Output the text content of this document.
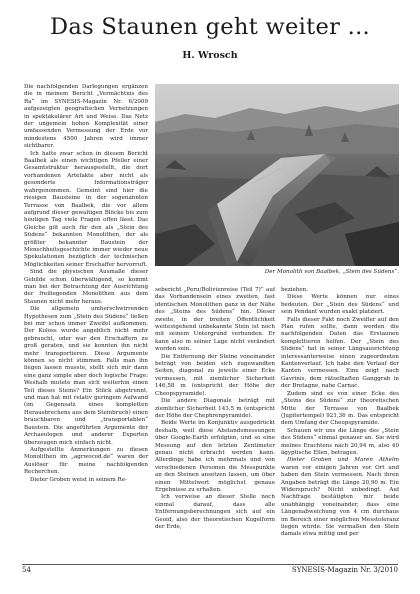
Das Staunen geht weiter ...
H. Wrosch

Die nachfolgenden Darlegungen ergänzen die in meinem Bericht „Vermächtnis des Ra“ im SYNESIS-Magazin Nr. 6/2009 aufgezeigten geografischen Vernetzungen in spektakulärer Art und Weise. Das Netz der ungemein hohen Komplexität einer umfassenden Vermessung der Erde vor mindestens 4500 Jahren wird immer sichtbarer.

Ich hatte zwar schon in diesem Bericht Baalbek als einen wichtigen Pfeiler einer Gesamtstruktur herausgestellt, die dort vorhandenen Artefakte aber nicht als gesonderte Informationsträger wahrgenommen. Gemeint sind hier die riesigen Bausteine in der sogenannten Terrasse von Baalbek, die vor allem aufgrund dieser gewaltigen Blöcke bis zum heutigen Tag viele Fragen offen lässt. Das Gleiche gilt auch für den als „Stein des Südens“ bekannten Monolithen, der als größter bekannter Baustein der Menschheitsgeschichte immer wieder neue Spekulationen bezüglich der technischen Möglichkeiten seiner Erschaffer hervorruft.

Sind die physischen Ausmaße dieser Gebilde schon überwältigend, so kommt man bei der Betrachtung der Ausrichtung der freiliegenden Monolithen aus dem Staunen nicht mehr heraus.

Die allgemein umherschwirrenden Hypothesen zum „Stein des Südens“ ließen bei mir schon immer Zweifel aufkommen. Der Koloss wurde angeblich nicht mehr gebraucht, oder war den Erschaffern zu groß geraten, und sie konnten ihn nicht mehr transportieren. Diese Argumente können so nicht stimmen. Falls man ihn liegen lassen musste, stellt sich mir dann eine ganz simple aber doch logische Frage: Weshalb mutete man sich weiterhin einen Teil dieses Steins? Ein Stück abgetrennt, und man hat mit relativ geringem Aufwand (im Gegensatz eines kompletten Herausbrechens aus dem Steinbruch) einen brauchbaren und „transportablen“ Baustein. Die angeführten Argumente der Archaeologen und anderer Experten überzeugen mich einfach nicht.

Aufgestellte Anmerkungen zu diesen Monolithen im „agrwocod.de“ waren der Auslöser für meine nachfolgenden Recherchen.

Dieter Groben weist in seinem Re-

Der Monolith von Baalbek, „Stein des Südens“.

sebericht „Peru/Bolivienreise (Teil 7)“ auf das Vorhandensein eines zweiten, fast identischen Monolithen ganz in der Nähe des „Steins des Südens“ hin. Dieser zweite, in der breiten Öffentlichkeit weitestgehend unbekannte Stein ist noch mit seinem Untergrund verbunden. Er kann also in seiner Lage nicht verändert worden sein.

Die Entfernung der Steine voneinander beträgt von beiden sich zugewandten Seiten, diagonal zu jeweils einer Ecke vermessen, mit ziemlicher Sicherheit 146,58 m (entspricht der Höhe der Cheopspyramide).

Die andere Diagonale beträgt mit ziemlicher Sicherheit 143,5 m (entspricht der Höhe der Chephrenpyramide).

Beide Werte im Konjunktiv ausgedrückt deshalb, weil diese Abstandsmessungen über Google-Earth erfolgten, und so eine Messung auf den letzten Zentimeter genau nicht erbracht werden kann. Allerdings habe ich mehrmals und von verschiedenen Personen die Messpunkte an den Steinen ansetzen lassen, um über einen Mittelwert möglichst genaue Ergebnisse zu erhalten.

Ich verweise an dieser Stelle noch einmal darauf, dass alle Entfernungsberechnungen sich auf ein Geoid, also der theoretischen Kugelform der Erde,

beziehen.

Diese Werte können nur eines bedeuten. Der „Stein des Südens“ und sein Pendant wurden exakt platziert.

Falls dieser Fakt noch Zweifler auf den Plan rufen sollte, dann werden die nachfolgenden Daten das Erstaunen komplettieren helfen. Der „Stein des Südens“ hat in seiner Längsausrichtung interessanterweise einen zugeordneten Kantenverlauf. Ich habe den Verlauf der Kanten vermessen. Eine zeigt nach Gavrinis, dem rätselhaften Ganggrab in der Bretagne, nahe Carnac.

Zudem sind es von einer Ecke des „Steins des Südens“ zur theoretischen Mitte der Terrasse von Baalbek (Jupitertempel) 921,36 m. Das entspricht dem Umfang der Cheopspyramide.

Schauen wir uns die Länge des „Stein des Südens“ einmal genauer an. Sie wird meines Erachtens nach 20,94 m, also 40 ägyptische Ellen, betragen.

Dieter Groben und Maren Athelm waren vor einigen Jahren vor Ort und haben den Stein vermessen. Nach ihren Angaben beträgt die Länge 20,90 m. Ein Widerspruch? Nicht unbedingt. Auf Nachfrage bestätigten mir beide unabhängig voneinander, dass eine Längenabweichung von 4 cm durchaus im Bereich einer möglichen Messtoleranz liegen würde. Sie vermaßen den Stein damals etwa mittig und per

54	SYNESIS-Magazin Nr. 3/2010
